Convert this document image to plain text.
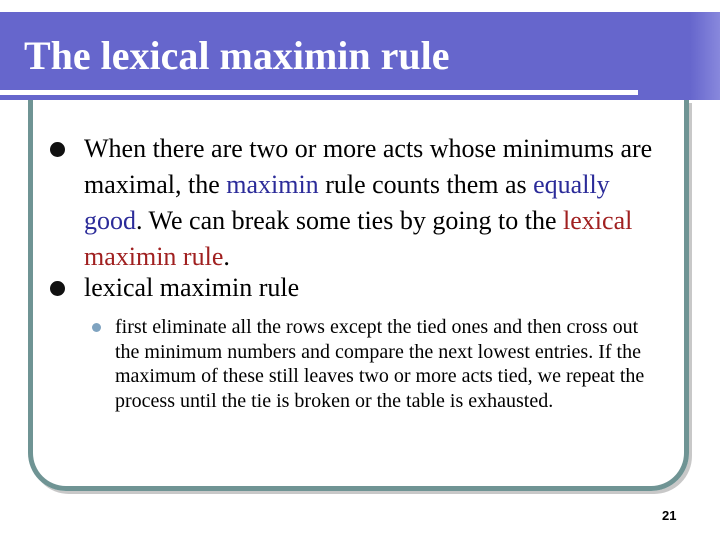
The lexical maximin rule
When there are two or more acts whose minimums are maximal, the maximin rule counts them as equally good. We can break some ties by going to the lexical maximin rule.
lexical maximin rule
first eliminate all the rows except the tied ones and then cross out the minimum numbers and compare the next lowest entries. If the maximum of these still leaves two or more acts tied, we repeat the process until the tie is broken or the table is exhausted.
21
